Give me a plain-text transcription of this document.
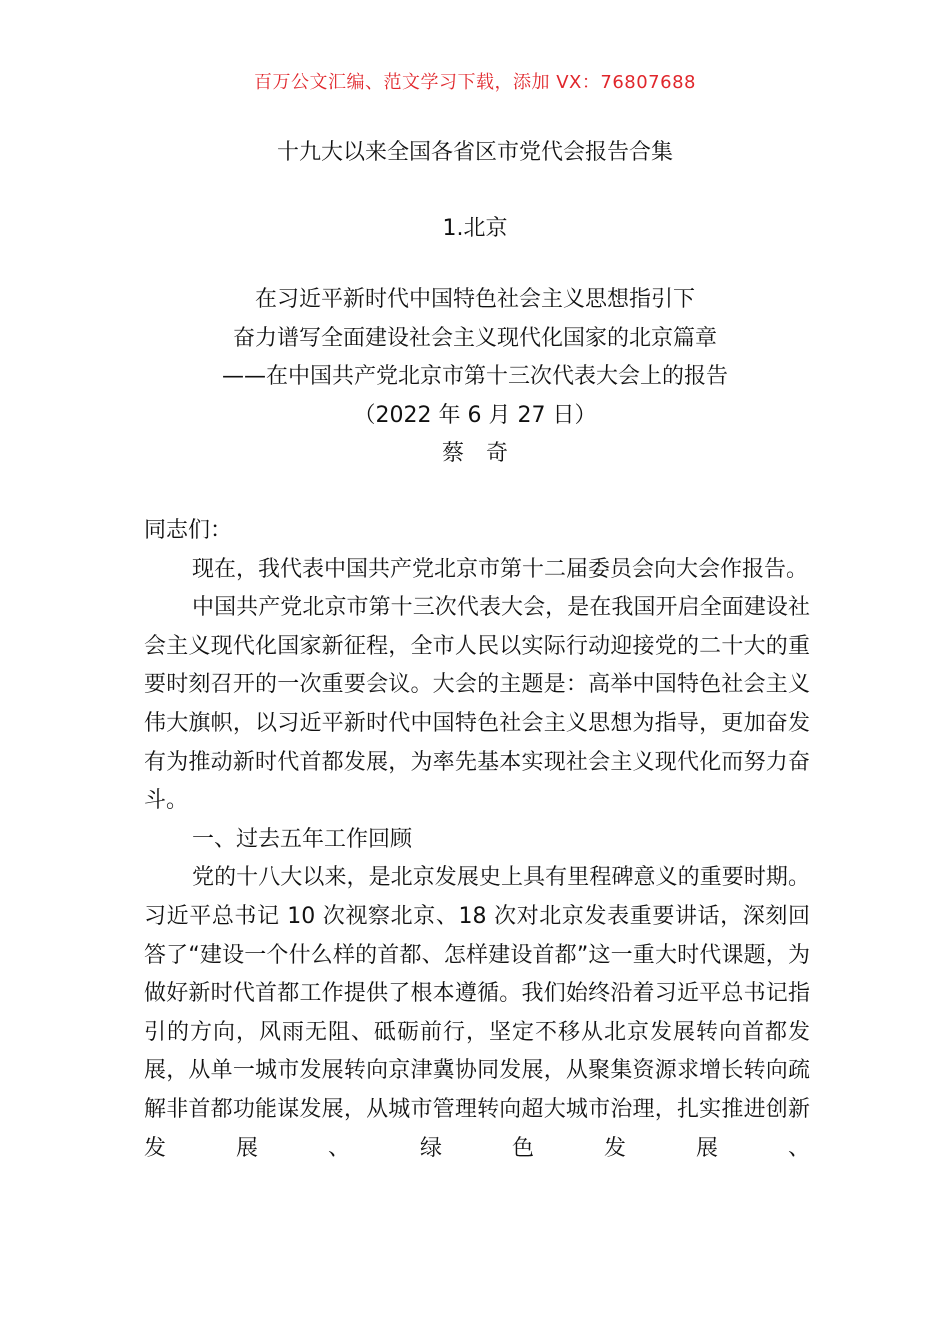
百万公文汇编、范文学习下载，添加 VX：76807688
十九大以来全国各省区市党代会报告合集
1.北京
在习近平新时代中国特色社会主义思想指引下
奋力谱写全面建设社会主义现代化国家的北京篇章
——在中国共产党北京市第十三次代表大会上的报告
（2022 年 6 月 27 日）
蔡 奇

同志们：

现在，我代表中国共产党北京市第十二届委员会向大会作报告。

中国共产党北京市第十三次代表大会，是在我国开启全面建设社会主义现代化国家新征程，全市人民以实际行动迎接党的二十大的重要时刻召开的一次重要会议。大会的主题是：高举中国特色社会主义伟大旗帜，以习近平新时代中国特色社会主义思想为指导，更加奋发有为推动新时代首都发展，为率先基本实现社会主义现代化而努力奋斗。

一、过去五年工作回顾

党的十八大以来，是北京发展史上具有里程碑意义的重要时期。习近平总书记 10 次视察北京、18 次对北京发表重要讲话，深刻回答了“建设一个什么样的首都、怎样建设首都”这一重大时代课题，为做好新时代首都工作提供了根本遵循。我们始终沿着习近平总书记指引的方向，风雨无阻、砥砺前行，坚定不移从北京发展转向首都发展，从单一城市发展转向京津冀协同发展，从聚集资源求增长转向疏解非首都功能谋发展，从城市管理转向超大城市治理，扎实推进创新发展、绿色发展、
